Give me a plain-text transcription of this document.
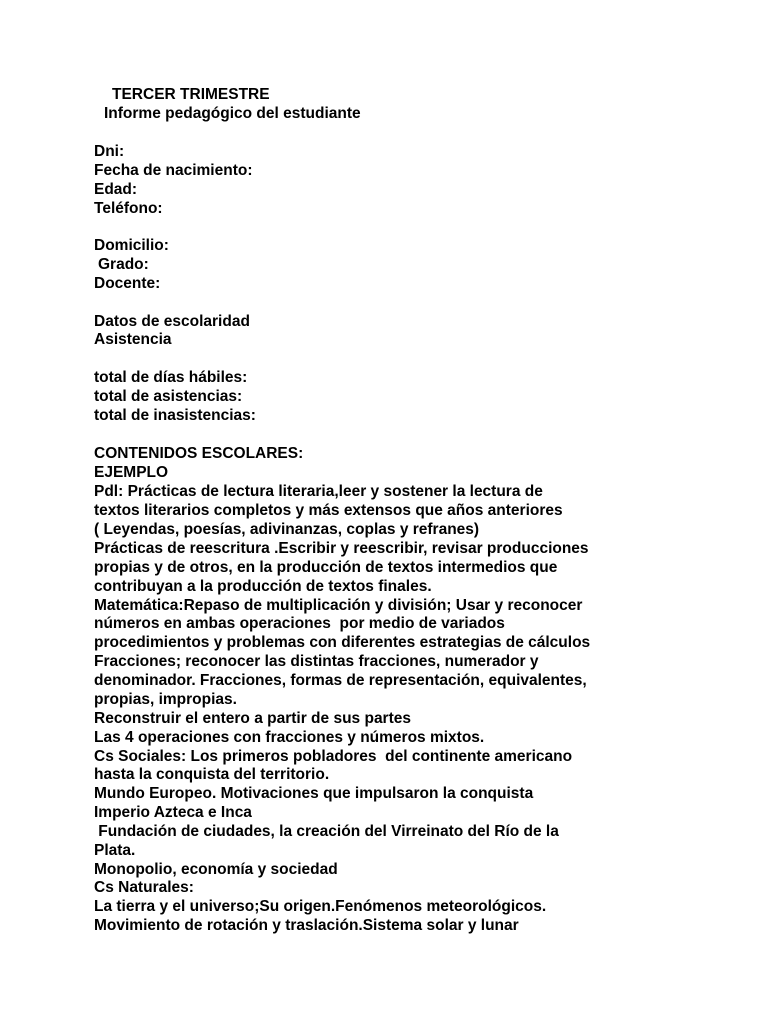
TERCER TRIMESTRE
Informe pedagógico del estudiante
Dni:
Fecha de nacimiento:
Edad:
Teléfono:
Domicilio:
Grado:
Docente:
Datos de escolaridad
Asistencia
total de días hábiles:
total de asistencias:
total de inasistencias:
CONTENIDOS ESCOLARES:
EJEMPLO
Pdl: Prácticas de lectura literaria,leer y sostener la lectura de
textos literarios completos y más extensos que años anteriores
( Leyendas, poesías, adivinanzas, coplas y refranes)
Prácticas de reescritura .Escribir y reescribir, revisar producciones
propias y de otros, en la producción de textos intermedios que
contribuyan a la producción de textos finales.
Matemática:Repaso de multiplicación y división; Usar y reconocer
números en ambas operaciones  por medio de variados
procedimientos y problemas con diferentes estrategias de cálculos
Fracciones; reconocer las distintas fracciones, numerador y
denominador. Fracciones, formas de representación, equivalentes,
propias, impropias.
Reconstruir el entero a partir de sus partes
Las 4 operaciones con fracciones y números mixtos.
Cs Sociales: Los primeros pobladores  del continente americano
hasta la conquista del territorio.
Mundo Europeo. Motivaciones que impulsaron la conquista
Imperio Azteca e Inca
Fundación de ciudades, la creación del Virreinato del Río de la
Plata.
Monopolio, economía y sociedad
Cs Naturales:
La tierra y el universo;Su origen.Fenómenos meteorológicos.
Movimiento de rotación y traslación.Sistema solar y lunar
